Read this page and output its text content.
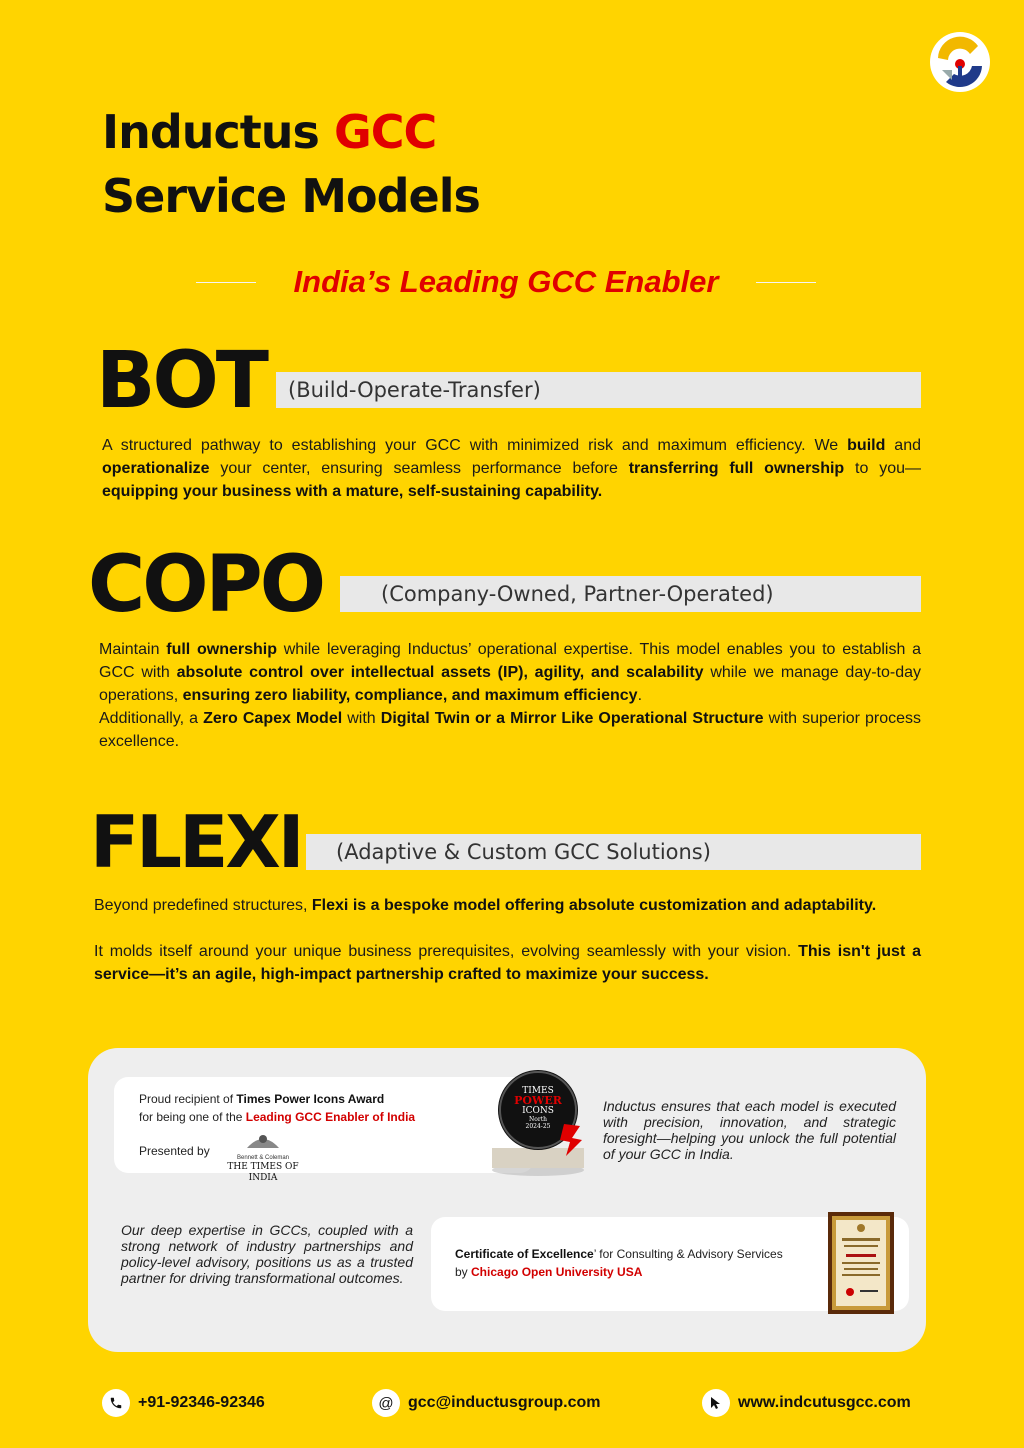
Inductus GCC
Service Models
India’s Leading GCC Enabler
(Build-Operate-Transfer)
BOT
A structured pathway to establishing your GCC with minimized risk and maximum efficiency. We build and operationalize your center, ensuring seamless performance before transferring full ownership to you—equipping your business with a mature, self-sustaining capability.
(Company-Owned, Partner-Operated)
COPO
Maintain full ownership while leveraging Inductus’ operational expertise. This model enables you to establish a GCC with absolute control over intellectual assets (IP), agility, and scalability while we manage day-to-day operations, ensuring zero liability, compliance, and maximum efficiency.
Additionally, a Zero Capex Model with Digital Twin or a Mirror Like Operational Structure with superior process excellence.
(Adaptive & Custom GCC Solutions)
FLEXI
Beyond predefined structures, Flexi is a bespoke model offering absolute customization and adaptability.
It molds itself around your unique business prerequisites, evolving seamlessly with your vision. This isn't just a service—it’s an agile, high-impact partnership crafted to maximize your success.
Proud recipient of Times Power Icons Award
for being one of the Leading GCC Enabler of India
Presented by	Bennett & Coleman
THE TIMES OF INDIA
TIMES
POWER
ICONS
North
2024-25
Inductus ensures that each model is executed with precision, innovation, and strategic foresight—helping you unlock the full potential of your GCC in India.
Our deep expertise in GCCs, coupled with a strong network of industry partnerships and policy-level advisory, positions us as a trusted partner for driving transformational outcomes.
Certificate of Excellence’ for Consulting & Advisory Services
by Chicago Open University USA
+91-92346-92346	@ gcc@inductusgroup.com	www.indcutusgcc.com
